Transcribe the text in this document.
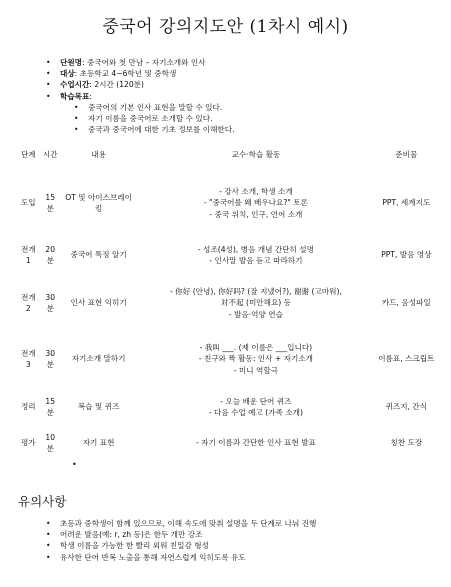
중국어 강의지도안 (1차시 예시)
• 단원명: 중국어와 첫 만남 – 자기소개와 인사
• 대상: 초등학교 4~6학년 및 중학생
• 수업시간: 2시간 (120분)
• 학습목표:
• 중국어의 기본 인사 표현을 말할 수 있다.
• 자기 이름을 중국어로 소개할 수 있다.
• 중국과 중국어에 대한 기초 정보를 이해한다.
단계	시간	내용	교수·학습 활동	준비물
도입	15분	OT 및 아이스브레이킹	- 강사 소개, 학생 소개
- "중국어를 왜 배우나요?" 토론
- 중국 위치, 인구, 언어 소개	PPT, 세계지도
전개 1	20분	중국어 특징 알기	- 성조(4성), 병음 개념 간단히 설명
- 인사말 발음 듣고 따라하기	PPT, 발음 영상
전개 2	30분	인사 표현 익히기	- 你好 (안녕), 你好吗? (잘 지냈어?), 谢谢 (고마워),
对不起 (미안해요) 등
- 발음·억양 연습	카드, 음성파일
전개 3	30분	자기소개 말하기	- 我叫 ___. (제 이름은 ___입니다)
- 친구와 짝 활동: 인사 + 자기소개
- 미니 역할극	이름표, 스크립트
정리	15분	복습 및 퀴즈	- 오늘 배운 단어 퀴즈
- 다음 수업 예고 (가족 소개)	퀴즈지, 간식
평가	10분	자기 표현	- 자기 이름과 간단한 인사 표현 발표	칭찬 도장
•
유의사항
• 초등과 중학생이 함께 있으므로, 이해 속도에 맞춰 설명을 두 단계로 나눠 진행
• 어려운 발음(예: r, zh 등)은 한두 개만 강조
• 학생 이름을 가능한 한 빨리 외워 친밀감 형성
• 유사한 단어 반복 노출을 통해 자연스럽게 익히도록 유도
